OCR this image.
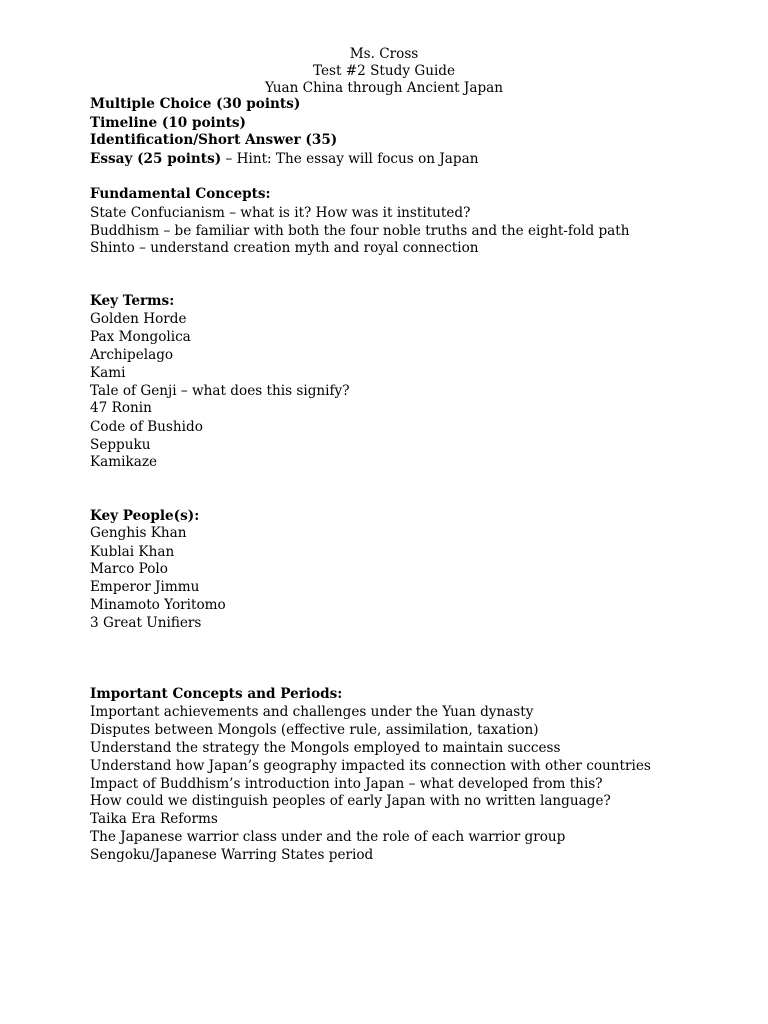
Ms. Cross
Test #2 Study Guide
Yuan China through Ancient Japan
Multiple Choice (30 points)
Timeline (10 points)
Identification/Short Answer (35)
Essay (25 points) – Hint: The essay will focus on Japan
Fundamental Concepts:
State Confucianism – what is it? How was it instituted?
Buddhism – be familiar with both the four noble truths and the eight-fold path
Shinto – understand creation myth and royal connection
Key Terms:
Golden Horde
Pax Mongolica
Archipelago
Kami
Tale of Genji – what does this signify?
47 Ronin
Code of Bushido
Seppuku
Kamikaze
Key People(s):
Genghis Khan
Kublai Khan
Marco Polo
Emperor Jimmu
Minamoto Yoritomo
3 Great Unifiers
Important Concepts and Periods:
Important achievements and challenges under the Yuan dynasty
Disputes between Mongols (effective rule, assimilation, taxation)
Understand the strategy the Mongols employed to maintain success
Understand how Japan’s geography impacted its connection with other countries
Impact of Buddhism’s introduction into Japan – what developed from this?
How could we distinguish peoples of early Japan with no written language?
Taika Era Reforms
The Japanese warrior class under and the role of each warrior group
Sengoku/Japanese Warring States period
